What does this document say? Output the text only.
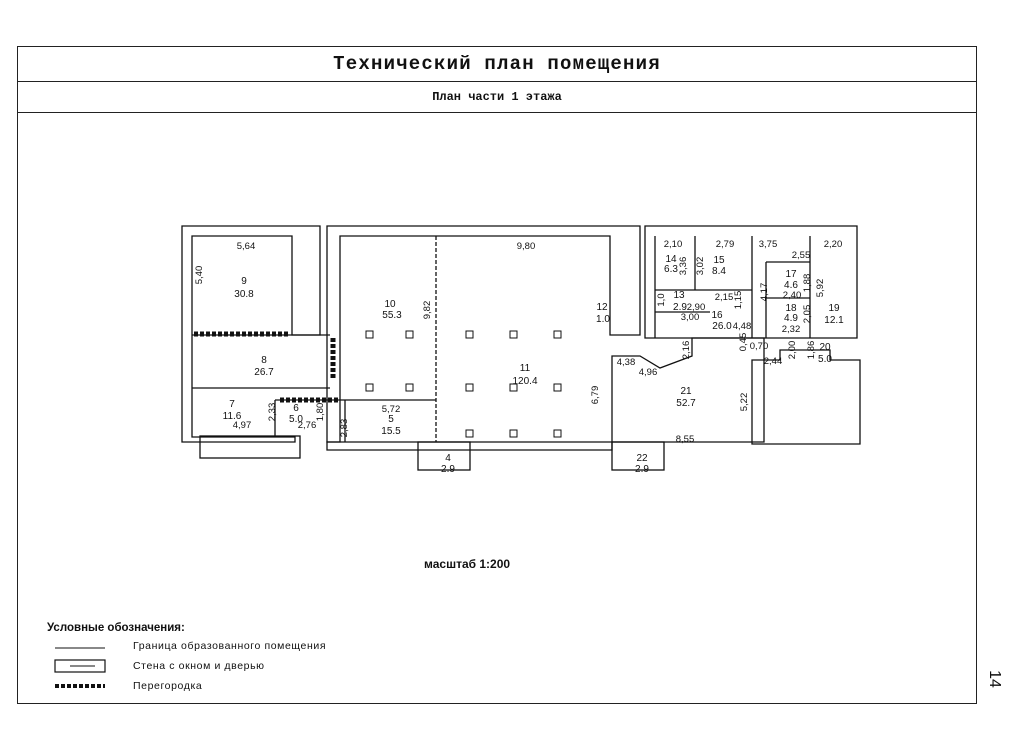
Технический план помещения
План части 1 этажа
9
30.8
10
55.3
11
120.4
8
26.7
7
11.6
6
5.0	5
15.5
4
2.9
12
1.0
13
2.9
14
6.3
15
8.4
16
26.0
17
4.6
18
4.9
19
12.1
20
5.0
21
52.7
22
2.9
5,64
5,40
9,80
9,82
4,97
2,33
2,76
1,80
2,83
5,72
6,79
2,10
3,36
2,79
3,02
2,90
1,0	2,15 1,15
3,00
4,48
3,75	2,20
2,55
1,88
2,40
4,17
2,05
2,32
5,92
4,38
4,96
2,16
5,22
8,55
0,70
0,45	2,00 1,86
2,44
масштаб 1:200
Условные обозначения:
Граница образованного помещения
Стена с окном и дверью
Перегородка	14
